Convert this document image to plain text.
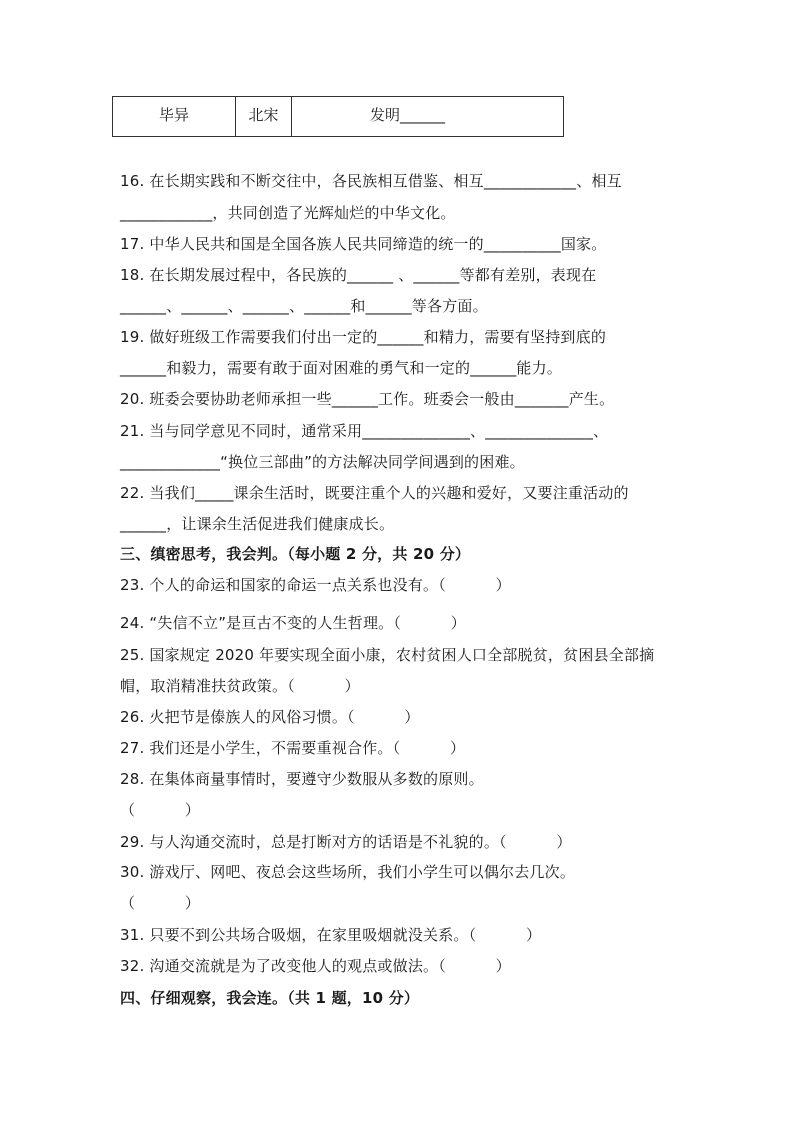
毕异	北宋	发明______
16. 在长期实践和不断交往中，各民族相互借鉴、相互____________、相互
____________，共同创造了光辉灿烂的中华文化。
17. 中华人民共和国是全国各族人民共同缔造的统一的__________国家。
18. 在长期发展过程中，各民族的______ 、______等都有差别，表现在
______、______、______、______和______等各方面。
19. 做好班级工作需要我们付出一定的______和精力，需要有坚持到底的
______和毅力，需要有敢于面对困难的勇气和一定的______能力。
20. 班委会要协助老师承担一些______工作。班委会一般由_______产生。
21. 当与同学意见不同时，通常采用______________、______________、
_____________“换位三部曲”的方法解决同学间遇到的困难。
22. 当我们_____课余生活时，既要注重个人的兴趣和爱好，又要注重活动的
______，让课余生活促进我们健康成长。
三、缜密思考，我会判。（每小题 2 分，共 20 分）
23. 个人的命运和国家的命运一点关系也没有。（          ）
24. “失信不立”是亘古不变的人生哲理。（          ）
25. 国家规定 2020 年要实现全面小康，农村贫困人口全部脱贫，贫困县全部摘
帽，取消精准扶贫政策。（          ）
26. 火把节是傣族人的风俗习惯。（          ）
27. 我们还是小学生，不需要重视合作。（          ）
28. 在集体商量事情时，要遵守少数服从多数的原则。
（          ）
29. 与人沟通交流时，总是打断对方的话语是不礼貌的。（          ）
30. 游戏厅、网吧、夜总会这些场所，我们小学生可以偶尔去几次。
（          ）
31. 只要不到公共场合吸烟，在家里吸烟就没关系。（          ）
32. 沟通交流就是为了改变他人的观点或做法。（          ）
四、仔细观察，我会连。（共 1 题，10 分）
